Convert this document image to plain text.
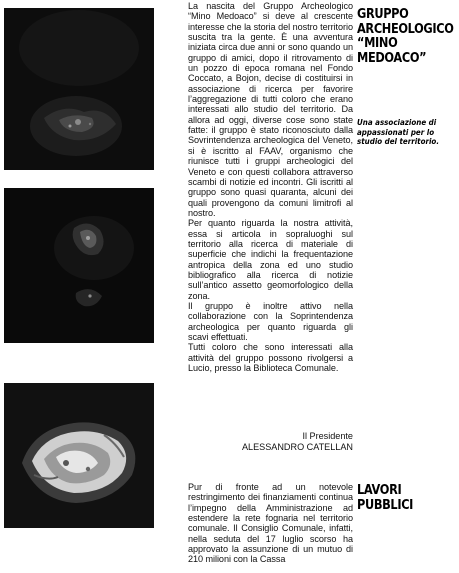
La nascita del Gruppo Archeologico “Mino Medoaco” si deve al crescente interesse che la storia del nostro territorio suscita tra la gente. È una avventura iniziata circa due anni or sono quando un gruppo di amici, dopo il ritrovamento di un pozzo di epoca romana nel Fondo Coccato, a Bojon, decise di costituirsi in associazione di ricerca per favorire l’aggregazione di tutti coloro che erano interessati allo studio del territorio. Da allora ad oggi, diverse cose sono state fatte: il gruppo è stato riconosciuto dalla Sovrintendenza archeologica del Veneto, si è iscritto al FAAV, organismo che riunisce tutti i gruppi archeologici del Veneto e con questi collabora attraverso scambi di notizie ed incontri. Gli iscritti al gruppo sono quasi quaranta, alcuni dei quali provengono da comuni limitrofi al nostro.

Per quanto riguarda la nostra attività, essa si articola in sopraluoghi sul territorio alla ricerca di materiale di superficie che indichi la frequentazione antropica della zona ed uno studio bibliografico alla ricerca di notizie sull’antico assetto geomorfologico della zona.

Il gruppo è inoltre attivo nella collaborazione con la Soprintendenza archeologica per quanto riguarda gli scavi effettuati.

Tutti coloro che sono interessati alla attività del gruppo possono rivolgersi a Lucio, presso la Biblioteca Comunale.

Il Presidente
ALESSANDRO CATELLAN
GRUPPO
ARCHEOLOGICO
“MINO
MEDOACO”
Una associazione di
appassionati per lo
studio del territorio.
Pur di fronte ad un notevole restringimento dei finanziamenti continua l’impegno della Amministrazione ad estendere la rete fognaria nel territorio comunale. Il Consiglio Comunale, infatti, nella seduta del 17 luglio scorso ha approvato la assunzione di un mutuo di 210 milioni con la Cassa
LAVORI
PUBBLICI
